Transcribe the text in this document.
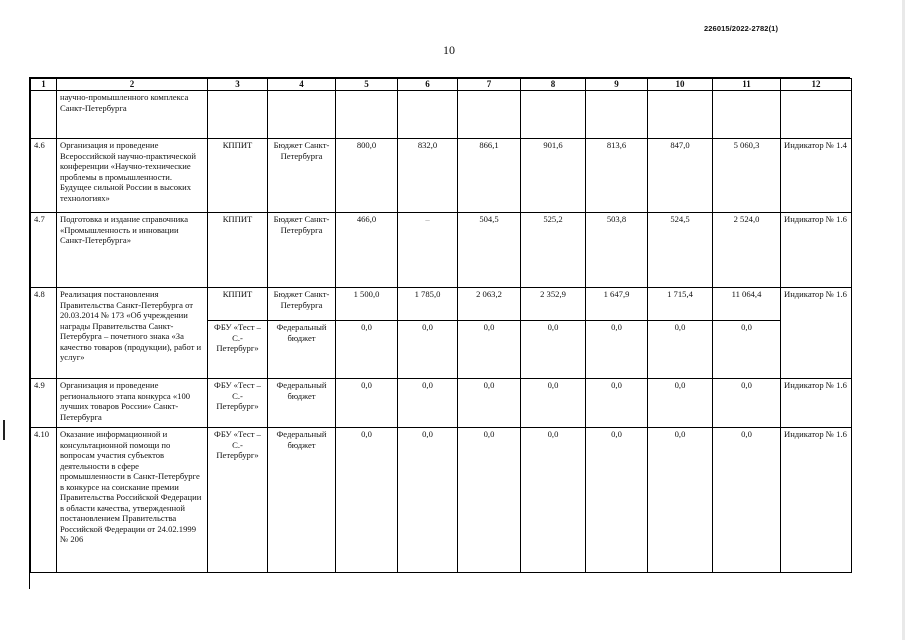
226015/2022-2782(1)
10
1	2	3	4	5	6	7	8	9	10	11	12
	научно-промышленного комплекса Санкт-Петербурга										
4.6	Организация и проведение Всероссийской научно-практической конференции «Научно-технические проблемы в промышленности. Будущее сильной России в высоких технологиях»	КППИТ	Бюджет Санкт-Петербурга	800,0	832,0	866,1	901,6	813,6	847,0	5 060,3	Индикатор № 1.4
4.7	Подготовка и издание справочника «Промышленность и инновации Санкт-Петербурга»	КППИТ	Бюджет Санкт-Петербурга	466,0	–	504,5	525,2	503,8	524,5	2 524,0	Индикатор № 1.6
4.8	Реализация постановления Правительства Санкт-Петербурга от 20.03.2014 № 173 «Об учреждении награды Правительства Санкт-Петербурга – почетного знака «За качество товаров (продукции), работ и услуг»	КППИТ	Бюджет Санкт-Петербурга	1 500,0	1 785,0	2 063,2	2 352,9	1 647,9	1 715,4	11 064,4	Индикатор № 1.6
		ФБУ «Тест – С.-Петербург»	Федеральный бюджет	0,0	0,0	0,0	0,0	0,0	0,0	0,0	
4.9	Организация и проведение регионального этапа конкурса «100 лучших товаров России» Санкт-Петербурга	ФБУ «Тест – С.-Петербург»	Федеральный бюджет	0,0	0,0	0,0	0,0	0,0	0,0	0,0	Индикатор № 1.6
4.10	Оказание информационной и консультационной помощи по вопросам участия субъектов деятельности в сфере промышленности в Санкт-Петербурге в конкурсе на соискание премии Правительства Российской Федерации в области качества, утвержденной постановлением Правительства Российской Федерации от 24.02.1999 № 206	ФБУ «Тест – С.-Петербург»	Федеральный бюджет	0,0	0,0	0,0	0,0	0,0	0,0	0,0	Индикатор № 1.6
